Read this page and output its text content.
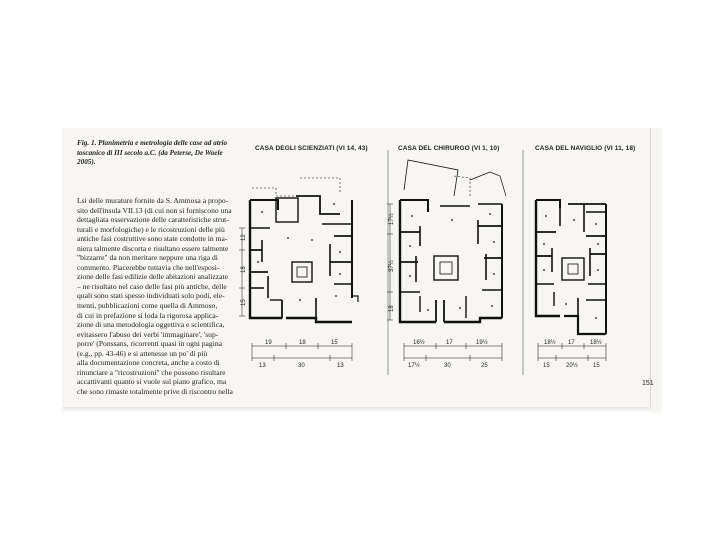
Fig. 1. Planimetria e metrologia delle case ad atrio toscanico di III secolo a.C. (da Peterse, De Waele 2005).
Lsi delle murature fornite da S. Ammosa a propo-
sito dell'insula VII.13 (di cui non si forniscono una
dettagliata osservazione delle caratteristiche strut-
turali e morfologiche) e le ricostruzioni delle più
antiche fasi costruttive sono state condotte in ma-
niera talmente discorta e risultano essere talmente
"bizzarre" da non meritare neppure una riga di
commento. Piacerebbe tuttavia che nell'esposi-
zione delle fasi edilizie delle abitazioni analizzate
– ne risultato nel caso delle fasi più antiche, delle
quali sono stati spesso individuati solo podi, ele-
menti, pubblicazioni come quella di Ammoso,
di cui in prefazione si loda la rigorosa applica-
zione di una metodologia oggettiva e scientifica,
evitassero l'abuso dei verbi 'immaginare', 'sup-
porre' (Ponssans, ricorrenti quasi in ogni pagina
(e.g., pp. 43-46) e si attenesse un po' di più
alla documentazione concreta, anche a costo di
rinunciare a "ricostruzioni" che possono risultare
accattivanti quanto si vuole sul piano grafico, ma
che sono rimaste totalmente prive di riscontro nella
CASA DEGLI SCIENZIATI (VI 14, 43)	CASA DEL CHIRURGO (VI 1, 10)	CASA DEL NAVIGLIO (VI 11, 18)
12
18
15
19	18	15
13	30	13
17½
37½
18
16½	17	19½
17½	30	25
18½ 17	18½
15	20½	15
151
